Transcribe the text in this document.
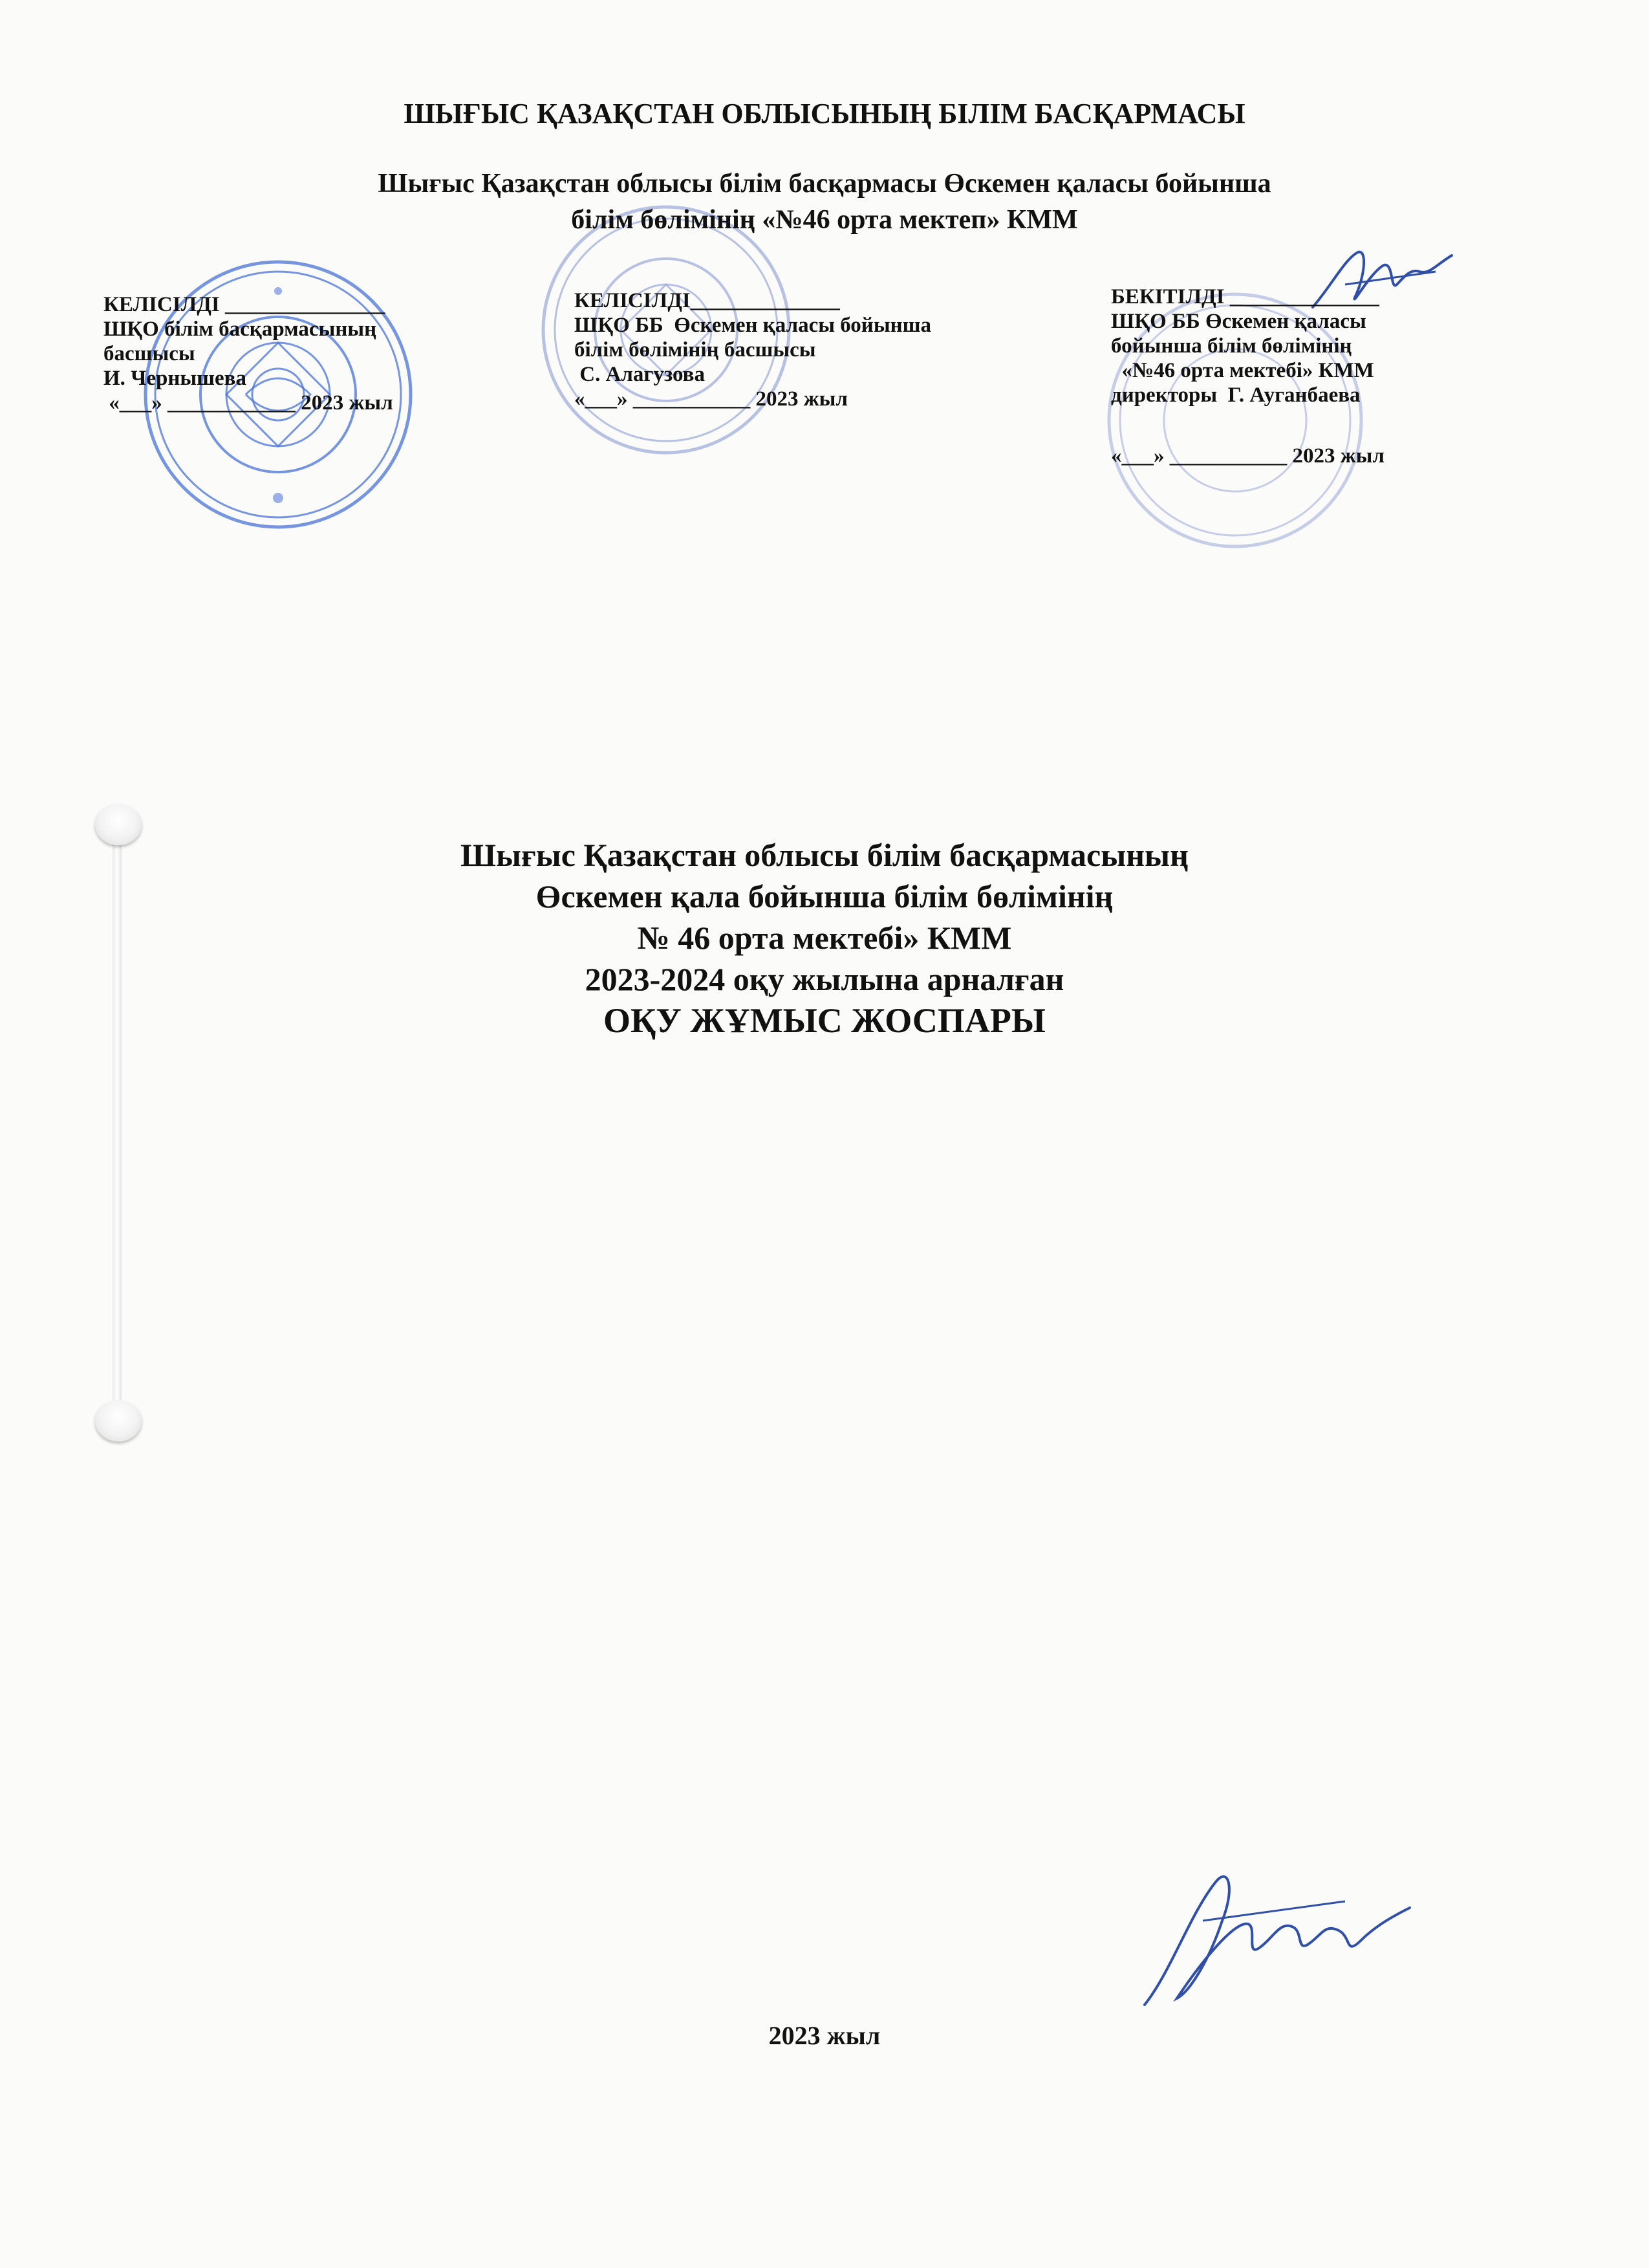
ШЫҒЫС ҚАЗАҚСТАН ОБЛЫСЫНЫҢ БІЛІМ БАСҚАРМАСЫ
Шығыс Қазақстан облысы білім басқармасы Өскемен қаласы бойынша
білім бөлімінің «№46 орта мектеп» КММ
КЕЛІСІЛДІ _______________
ШҚО білім басқармасының
басшысы
И. Чернышева
«___» ____________ 2023 жыл
КЕЛІСІЛДІ______________
ШҚО ББ  Өскемен қаласы бойынша
білім бөлімінің басшысы
С. Алагузова
«___» ___________ 2023 жыл
БЕКІТІЛДІ ______________
ШҚО ББ Өскемен қаласы
бойынша білім бөлімінің
«№46 орта мектебі» КММ
директоры  Г. Ауганбаева
«___» ___________ 2023 жыл
Шығыс Қазақстан облысы білім басқармасының
Өскемен қала бойынша білім бөлімінің
№ 46 орта мектебі» КММ
2023-2024 оқу жылына арналған
ОҚУ ЖҰМЫС ЖОСПАРЫ
2023 жыл
